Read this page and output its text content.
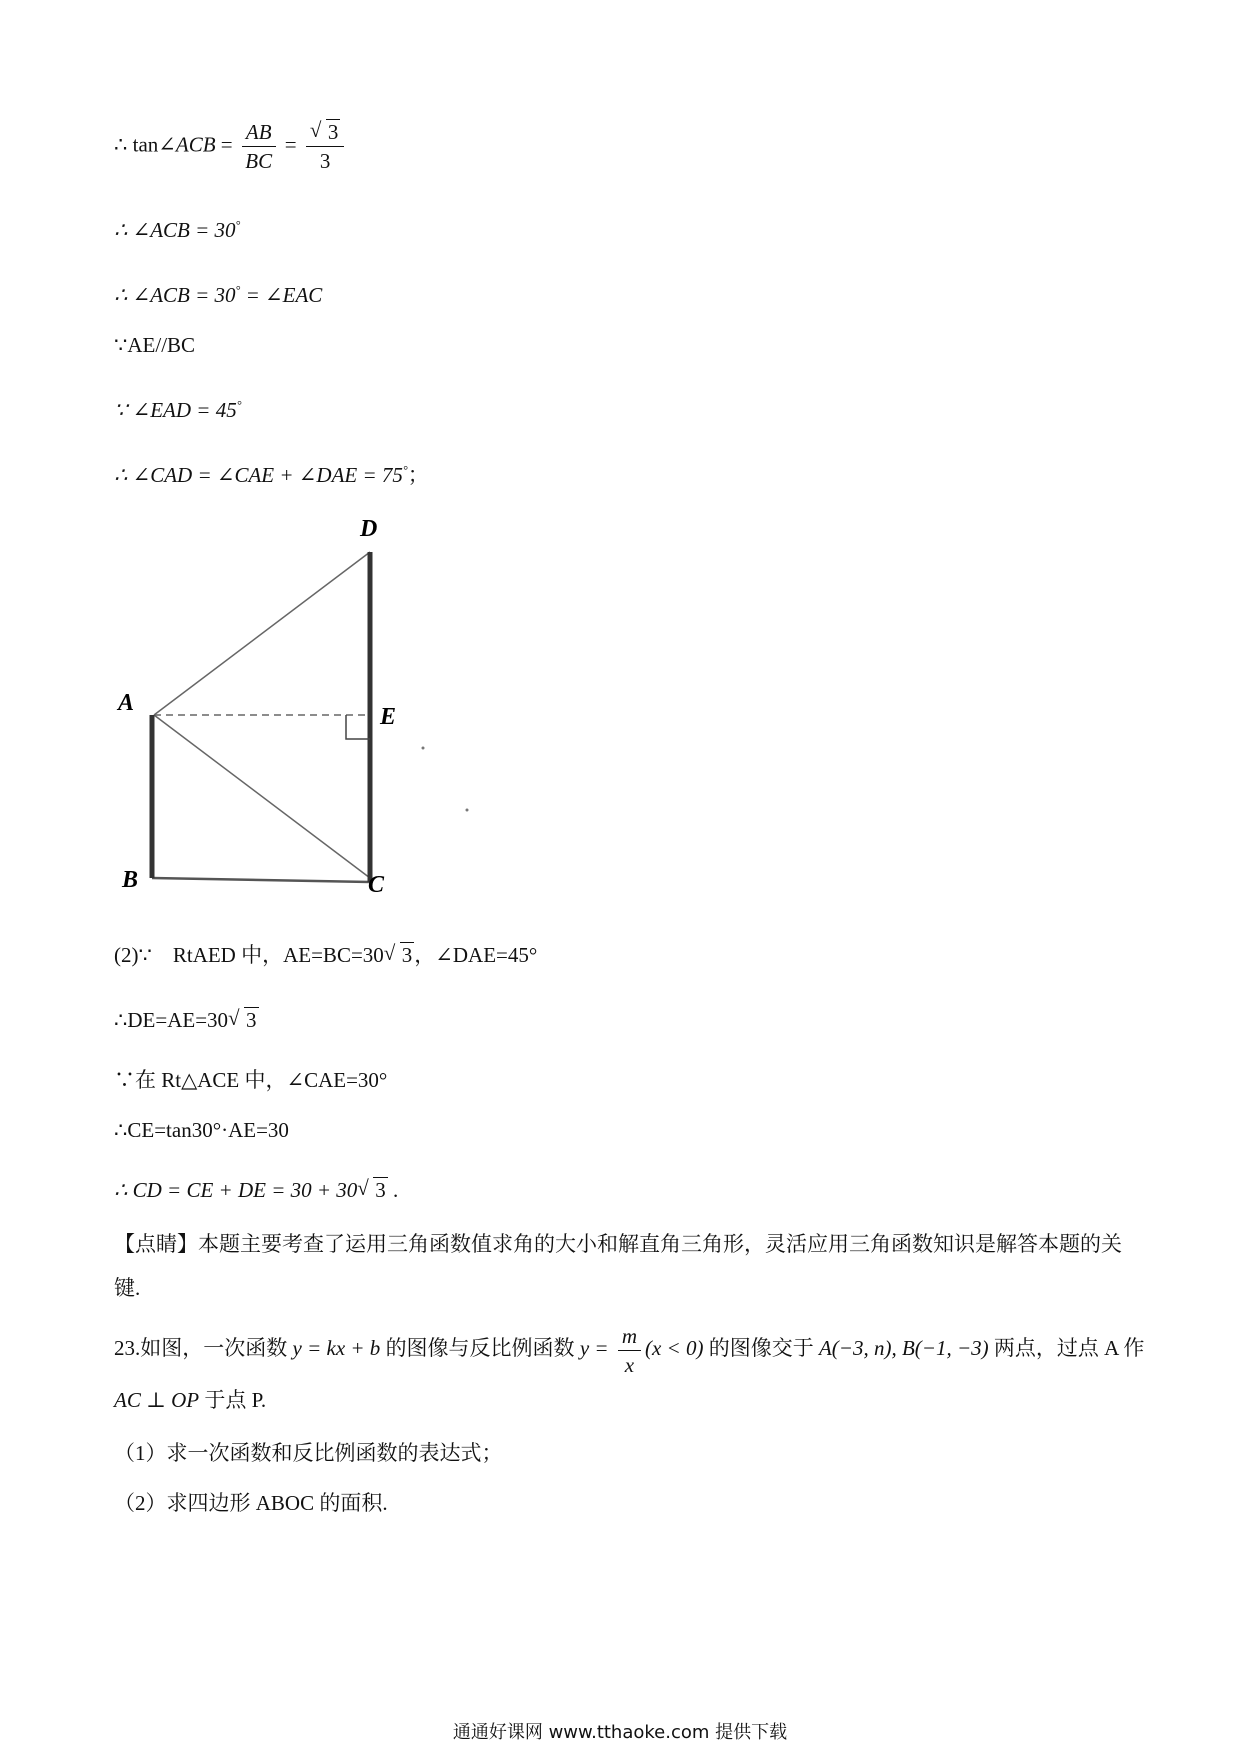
∴ tan∠ACB = $\frac{AB}{BC}$ = √ $\frac{3}{3}$
∴ ∠ACB = 30°
∴ ∠ACB = 30° = ∠EAC
∵AE//BC
∵ ∠EAD = 45°
∴ ∠CAD = ∠CAE + ∠DAE = 75°；
D
A
E
B	C
(2)∵　RtAED 中，AE=BC=30 √ 3，∠DAE=45°
∴DE=AE=30 √ 3
∵在 Rt△ACE 中，∠CAE=30°
∴CE=tan30°·AE=30
∴ CD = CE + DE = 30 + 30 √ 3 .
【点睛】本题主要考查了运用三角函数值求角的大小和解直角三角形，灵活应用三角函数知识是解答本题的关键.
23.如图，一次函数 y = kx + b 的图像与反比例函数 $y = \frac{m}{x} (x < 0)$ 的图像交于 A(−3, n), B(−1, −3) 两点，过点 A 作
AC ⊥ OP 于点 P.
（1）求一次函数和反比例函数的表达式；
（2）求四边形 ABOC 的面积.
通通好课网 www.tthaoke.com 提供下载
